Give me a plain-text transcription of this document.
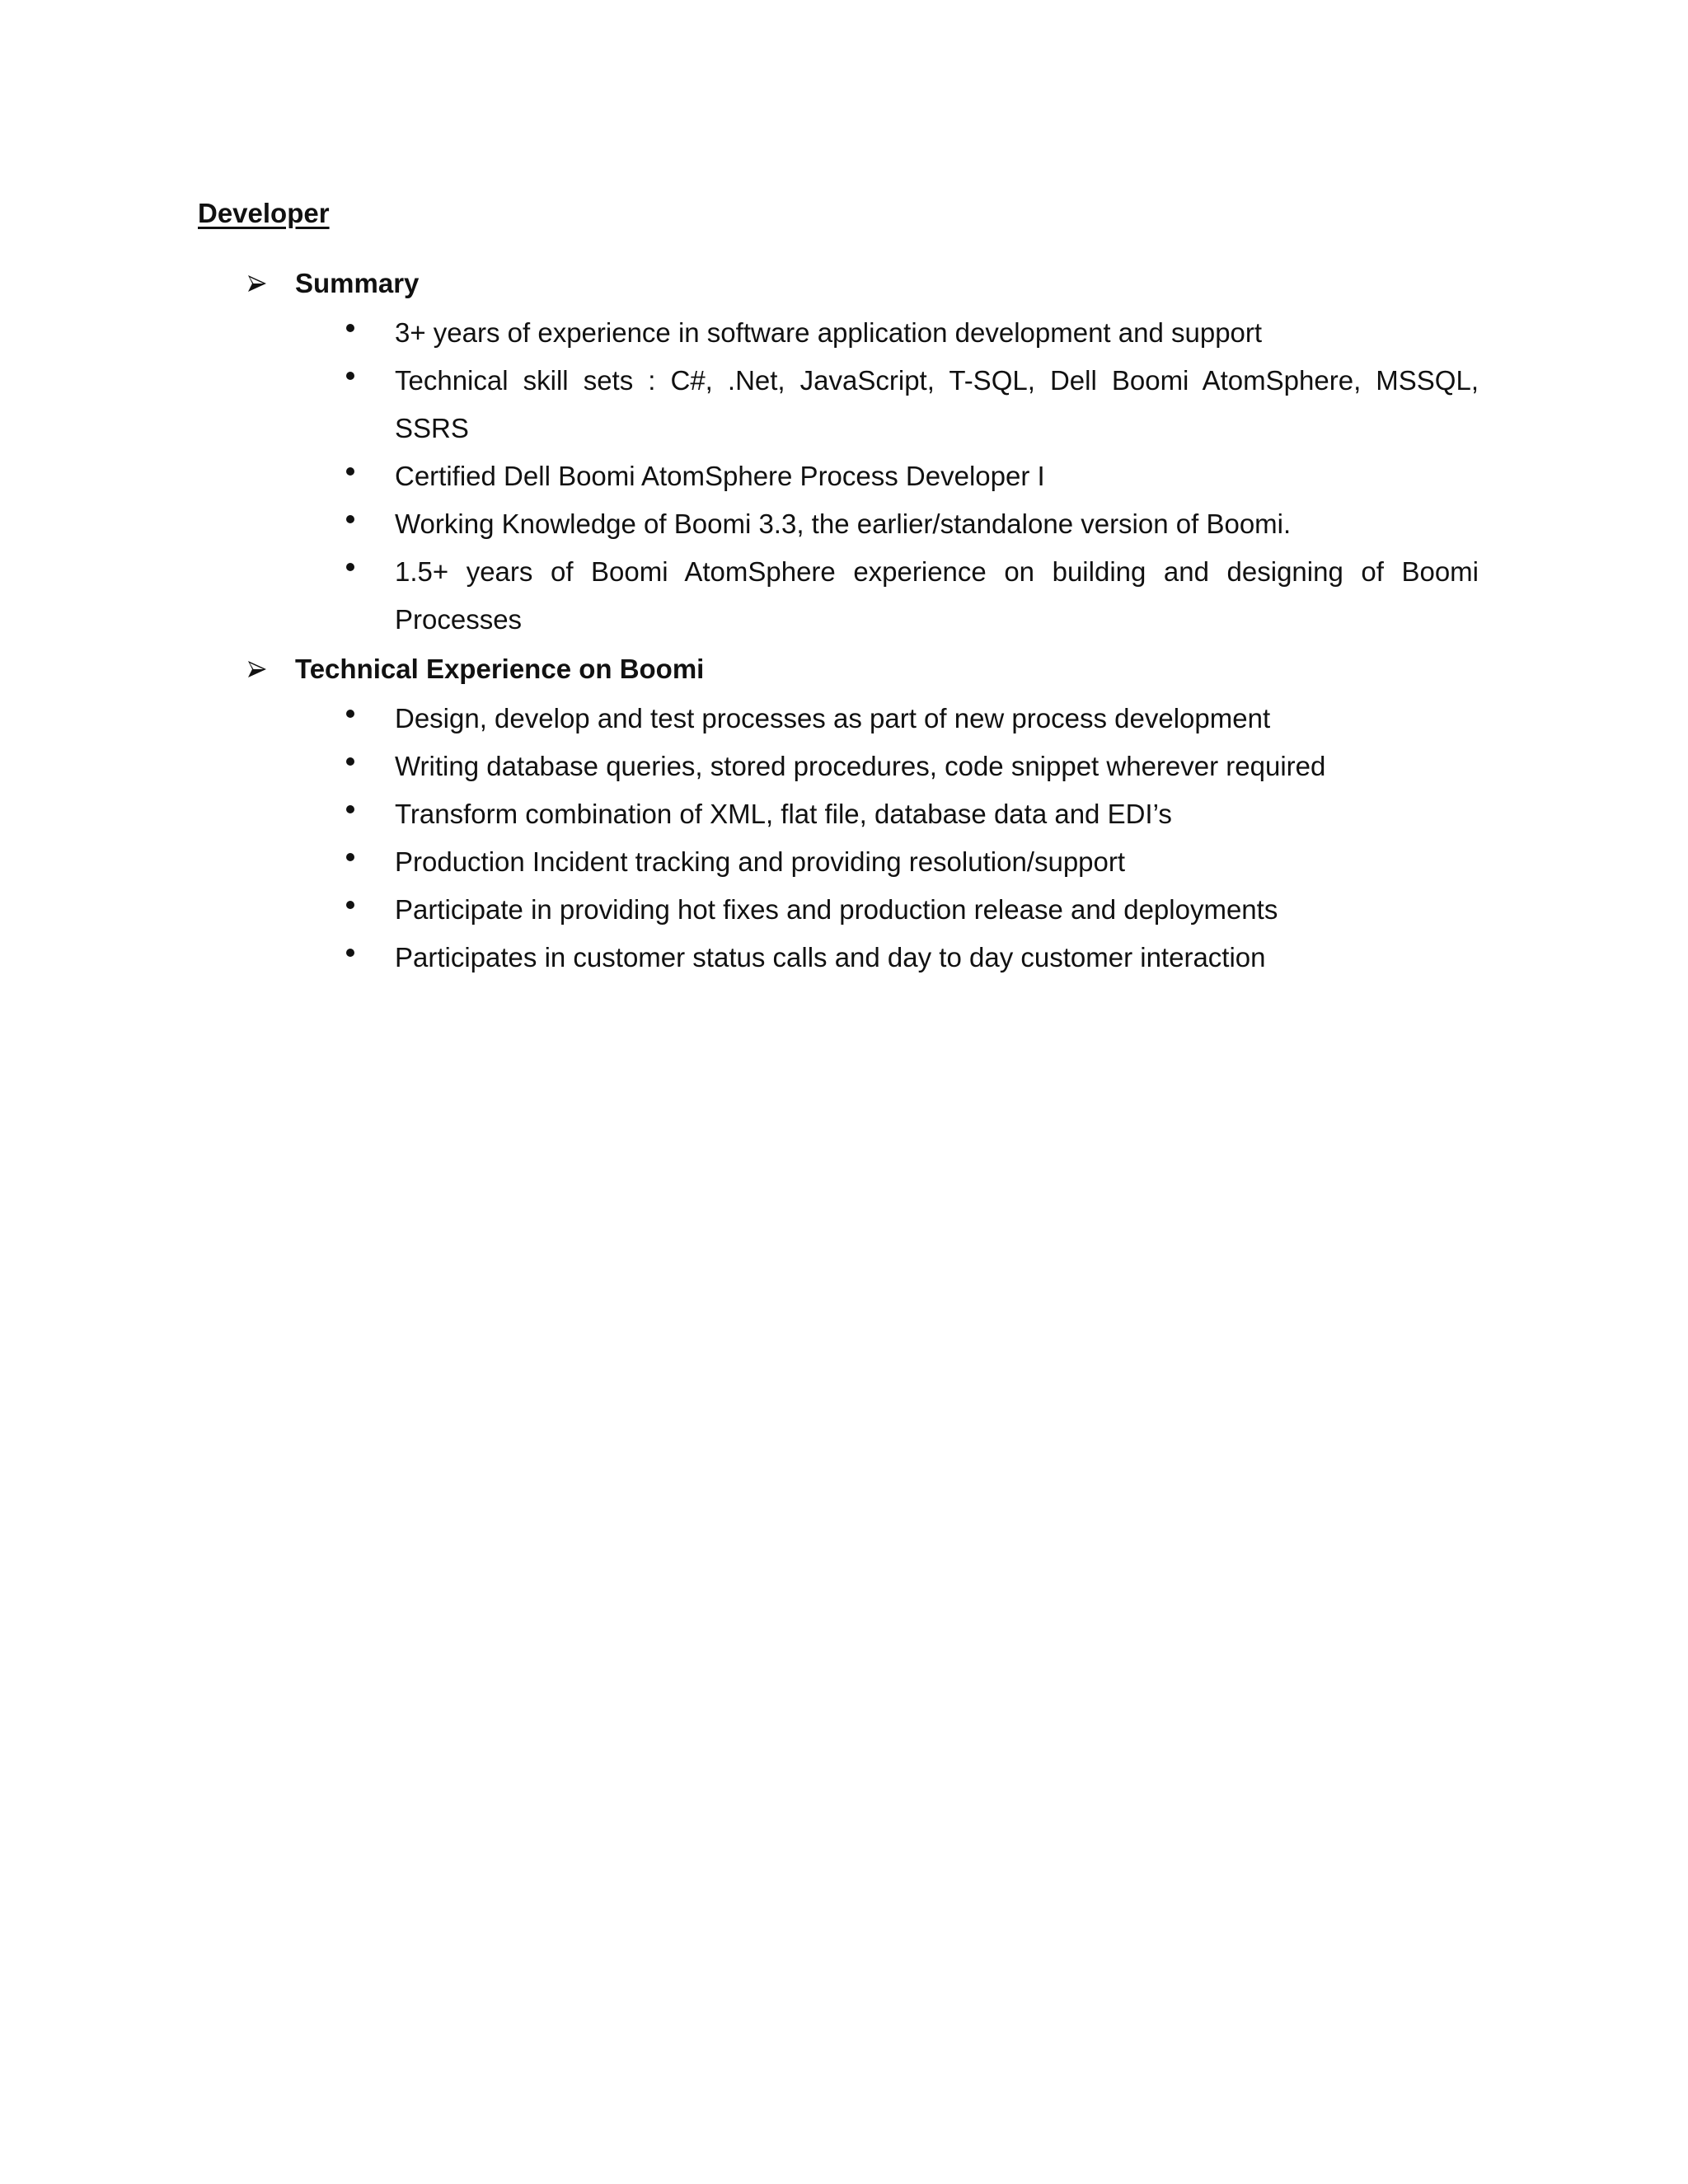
Developer
Summary
3+ years of experience in software application development and support
Technical skill sets : C#, .Net, JavaScript, T-SQL, Dell Boomi AtomSphere, MSSQL, SSRS
Certified Dell Boomi AtomSphere Process Developer I
Working Knowledge of Boomi 3.3, the earlier/standalone version of Boomi.
1.5+ years of Boomi AtomSphere experience on building and designing of Boomi Processes
Technical Experience on Boomi
Design, develop and test processes as part of new process development
Writing database queries, stored procedures, code snippet wherever required
Transform combination of XML, flat file, database data and EDI’s
Production Incident tracking and providing resolution/support
Participate in providing hot fixes and production release and deployments
Participates in customer status calls and day to day customer interaction
